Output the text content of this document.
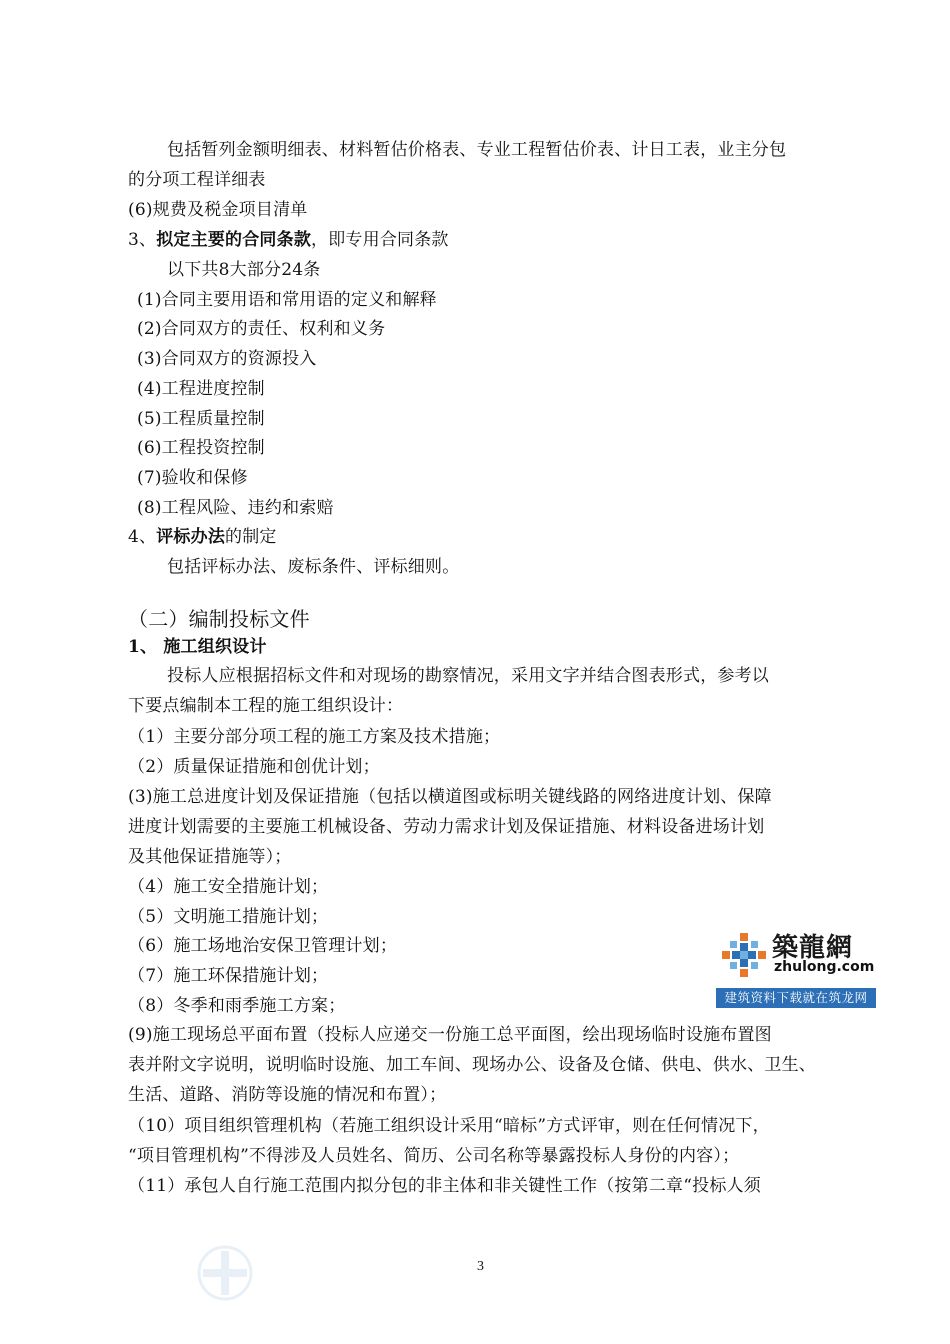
包括暂列金额明细表、材料暂估价格表、专业工程暂估价表、计日工表，业主分包
的分项工程详细表
(6)规费及税金项目清单
3、拟定主要的合同条款，即专用合同条款
以下共8大部分24条
(1)合同主要用语和常用语的定义和解释
(2)合同双方的责任、权利和义务
(3)合同双方的资源投入
(4)工程进度控制
(5)工程质量控制
(6)工程投资控制
(7)验收和保修
(8)工程风险、违约和索赔
4、评标办法的制定
包括评标办法、废标条件、评标细则。
（二）编制投标文件
1、 施工组织设计
投标人应根据招标文件和对现场的勘察情况，采用文字并结合图表形式，参考以
下要点编制本工程的施工组织设计：
（1）主要分部分项工程的施工方案及技术措施；
（2）质量保证措施和创优计划；
(3)施工总进度计划及保证措施（包括以横道图或标明关键线路的网络进度计划、保障
进度计划需要的主要施工机械设备、劳动力需求计划及保证措施、材料设备进场计划
及其他保证措施等）；
（4）施工安全措施计划；
（5）文明施工措施计划；
（6）施工场地治安保卫管理计划；
（7）施工环保措施计划；
（8）冬季和雨季施工方案；
(9)施工现场总平面布置（投标人应递交一份施工总平面图，绘出现场临时设施布置图
表并附文字说明，说明临时设施、加工车间、现场办公、设备及仓储、供电、供水、卫生、
生活、道路、消防等设施的情况和布置）；
（10）项目组织管理机构（若施工组织设计采用“暗标”方式评审，则在任何情况下，
“项目管理机构”不得涉及人员姓名、简历、公司名称等暴露投标人身份的内容）；
（11）承包人自行施工范围内拟分包的非主体和非关键性工作（按第二章“投标人须
3
築龍網
zhulong.com
建筑资料下载就在筑龙网
